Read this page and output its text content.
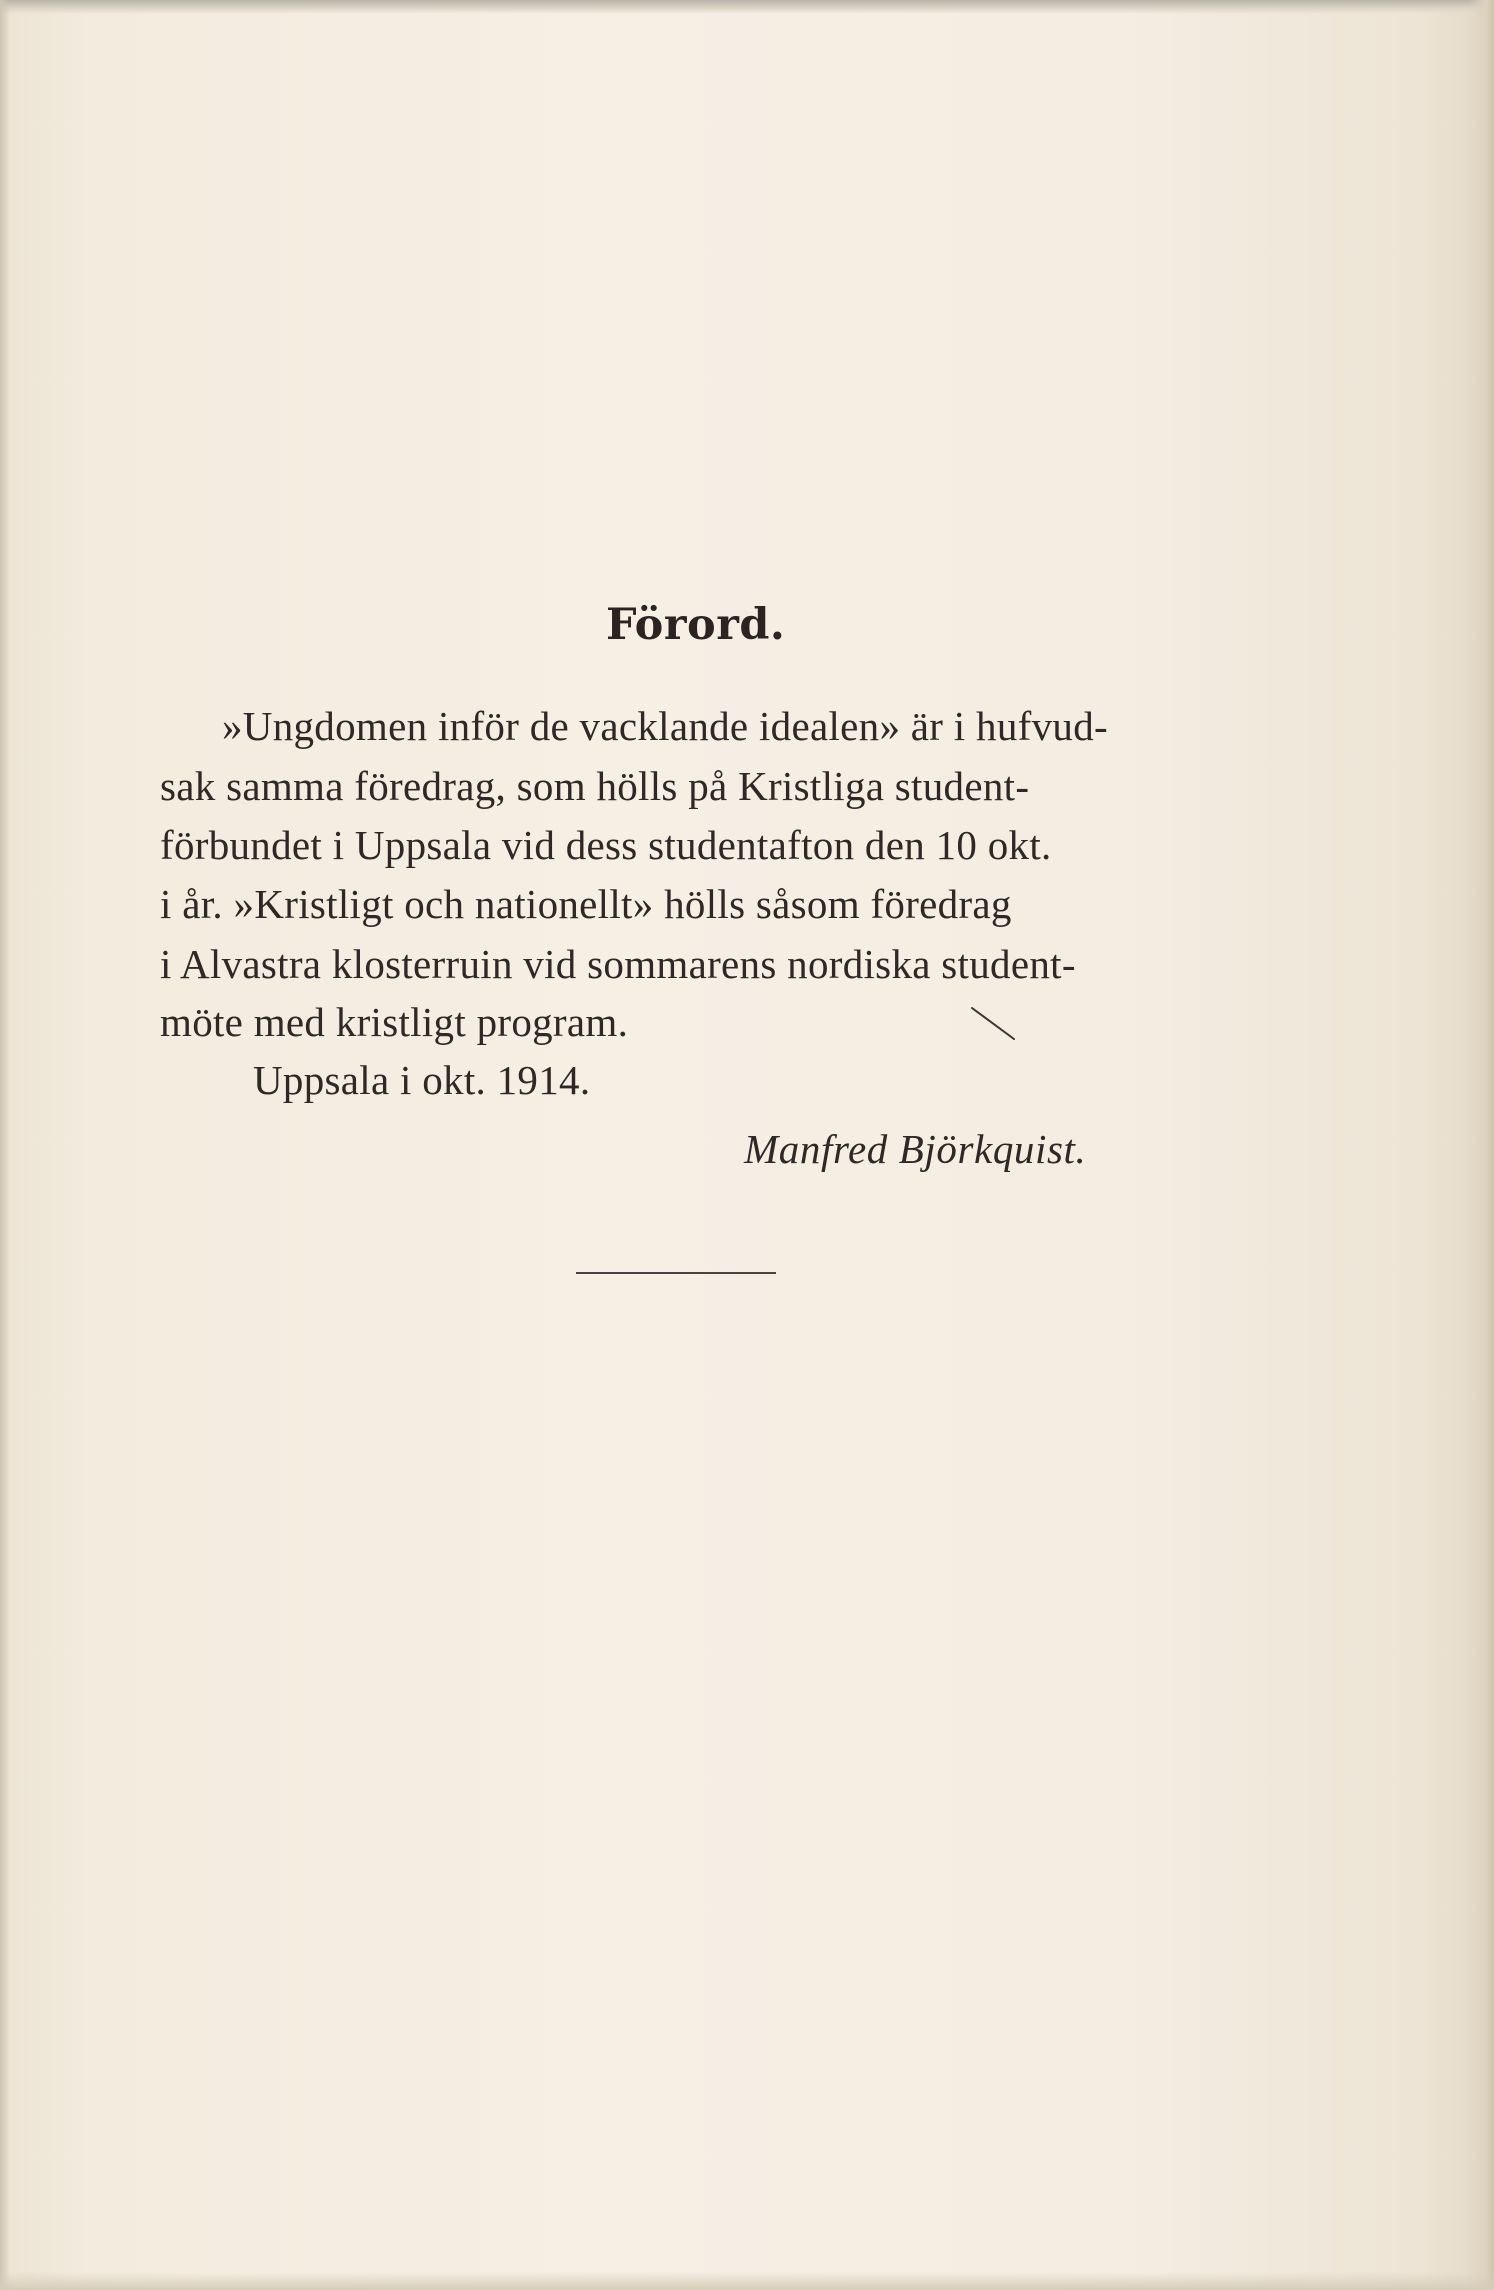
Förord.
»Ungdomen inför de vacklande idealen» är i hufvud-
sak samma föredrag, som hölls på Kristliga student-
förbundet i Uppsala vid dess studentafton den 10 okt.
i år. »Kristligt och nationellt» hölls såsom föredrag
i Alvastra klosterruin vid sommarens nordiska student-
möte med kristligt program.
Uppsala i okt. 1914.
Manfred Björkquist.
